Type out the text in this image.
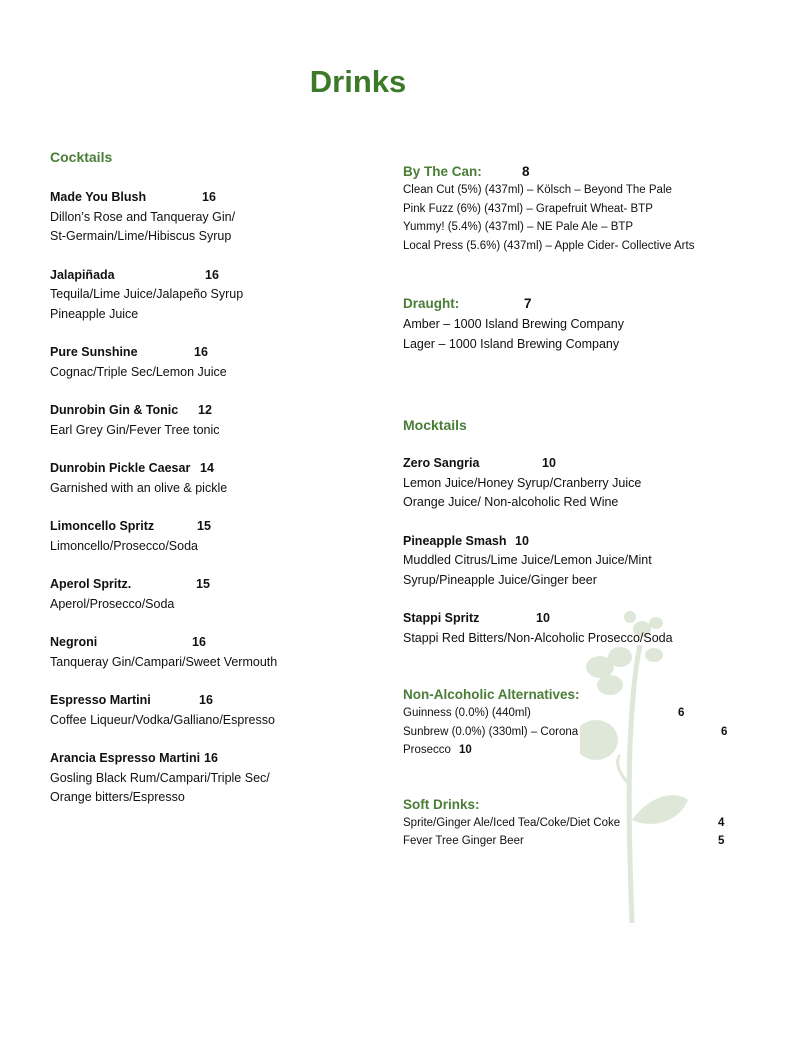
Drinks

Cocktails

Made You Blush	16

Dillon’s Rose and Tanqueray Gin/

St-Germain/Lime/Hibiscus Syrup

Jalapiñada	16

Tequila/Lime Juice/Jalapeño Syrup

Pineapple Juice

Pure Sunshine	16

Cognac/Triple Sec/Lemon Juice

Dunrobin Gin & Tonic	12

Earl Grey Gin/Fever Tree tonic

Dunrobin Pickle Caesar 14

Garnished with an olive & pickle

Limoncello Spritz	15

Limoncello/Prosecco/Soda

Aperol Spritz.	15

Aperol/Prosecco/Soda

Negroni	16

Tanqueray Gin/Campari/Sweet Vermouth

Espresso Martini	16

Coffee Liqueur/Vodka/Galliano/Espresso

Arancia Espresso Martini 16

Gosling Black Rum/Campari/Triple Sec/

Orange bitters/Espresso

By The Can:	8

Clean Cut (5%) (437ml) – Kölsch – Beyond The Pale

Pink Fuzz (6%) (437ml) – Grapefruit Wheat- BTP

Yummy! (5.4%) (437ml) – NE Pale Ale – BTP

Local Press (5.6%) (437ml) – Apple Cider- Collective Arts

Draught:	7

Amber – 1000 Island Brewing Company

Lager – 1000 Island Brewing Company

Mocktails

Zero Sangria	10

Lemon Juice/Honey Syrup/Cranberry Juice

Orange Juice/ Non-alcoholic Red Wine

Pineapple Smash 10

Muddled Citrus/Lime Juice/Lemon Juice/Mint

Syrup/Pineapple Juice/Ginger beer

Stappi Spritz	10

Stappi Red Bitters/Non-Alcoholic Prosecco/Soda

Non-Alcoholic Alternatives:

Guinness (0.0%) (440ml)	6
Sunbrew (0.0%) (330ml) – Corona	6
Prosecco 10

Soft Drinks:

Sprite/Ginger Ale/Iced Tea/Coke/Diet Coke	4
Fever Tree Ginger Beer	5
